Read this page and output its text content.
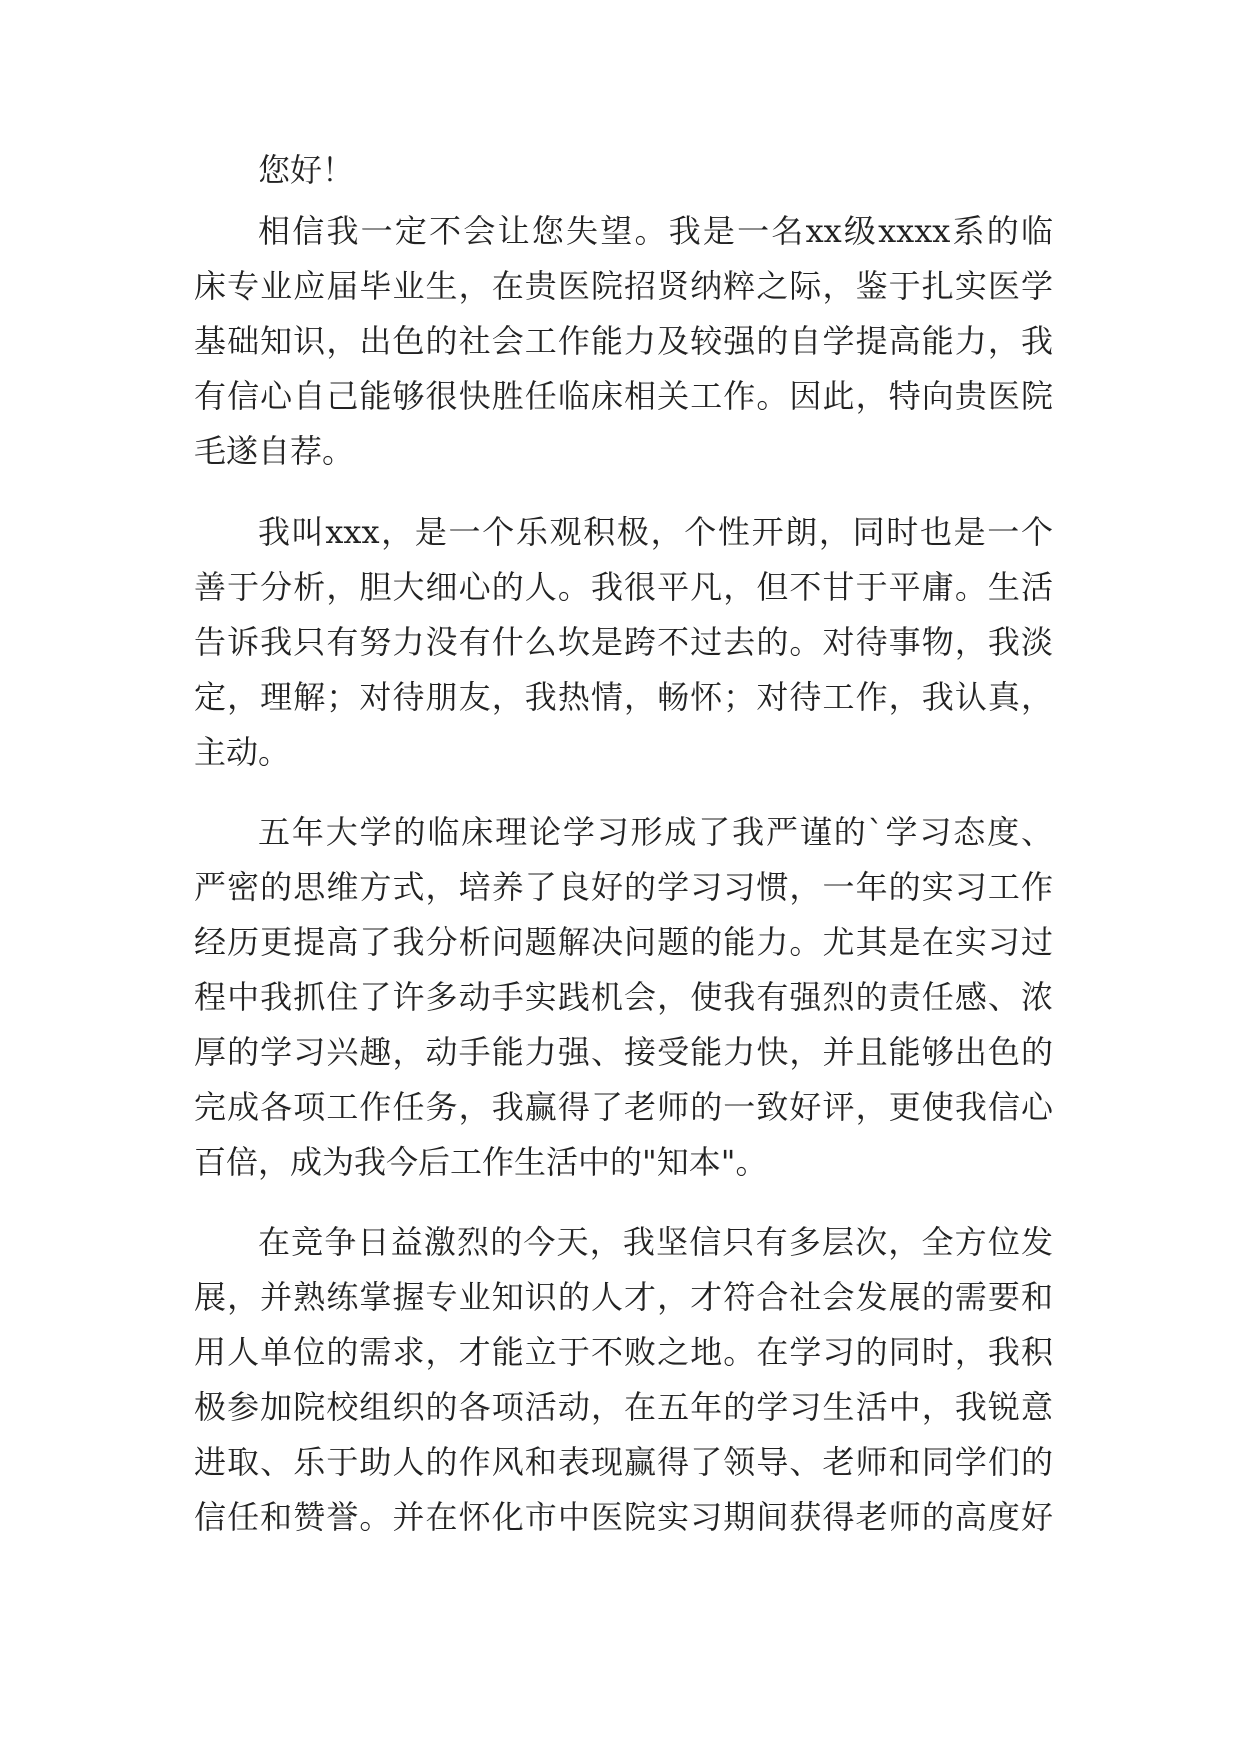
您好！

相信我一定不会让您失望。我是一名xx级xxxx系的临

床专业应届毕业生，在贵医院招贤纳粹之际，鉴于扎实医学

基础知识，出色的社会工作能力及较强的自学提高能力，我

有信心自己能够很快胜任临床相关工作。因此，特向贵医院

毛遂自荐。

我叫xxx，是一个乐观积极，个性开朗，同时也是一个

善于分析，胆大细心的人。我很平凡，但不甘于平庸。生活

告诉我只有努力没有什么坎是跨不过去的。对待事物，我淡

定，理解；对待朋友，我热情，畅怀；对待工作，我认真，

主动。

五年大学的临床理论学习形成了我严谨的`学习态度、

严密的思维方式，培养了良好的学习习惯，一年的实习工作

经历更提高了我分析问题解决问题的能力。尤其是在实习过

程中我抓住了许多动手实践机会，使我有强烈的责任感、浓

厚的学习兴趣，动手能力强、接受能力快，并且能够出色的

完成各项工作任务，我赢得了老师的一致好评，更使我信心

百倍，成为我今后工作生活中的"知本"。

在竞争日益激烈的今天，我坚信只有多层次，全方位发

展，并熟练掌握专业知识的人才，才符合社会发展的需要和

用人单位的需求，才能立于不败之地。在学习的同时，我积

极参加院校组织的各项活动，在五年的学习生活中，我锐意

进取、乐于助人的作风和表现赢得了领导、老师和同学们的

信任和赞誉。并在怀化市中医院实习期间获得老师的高度好
